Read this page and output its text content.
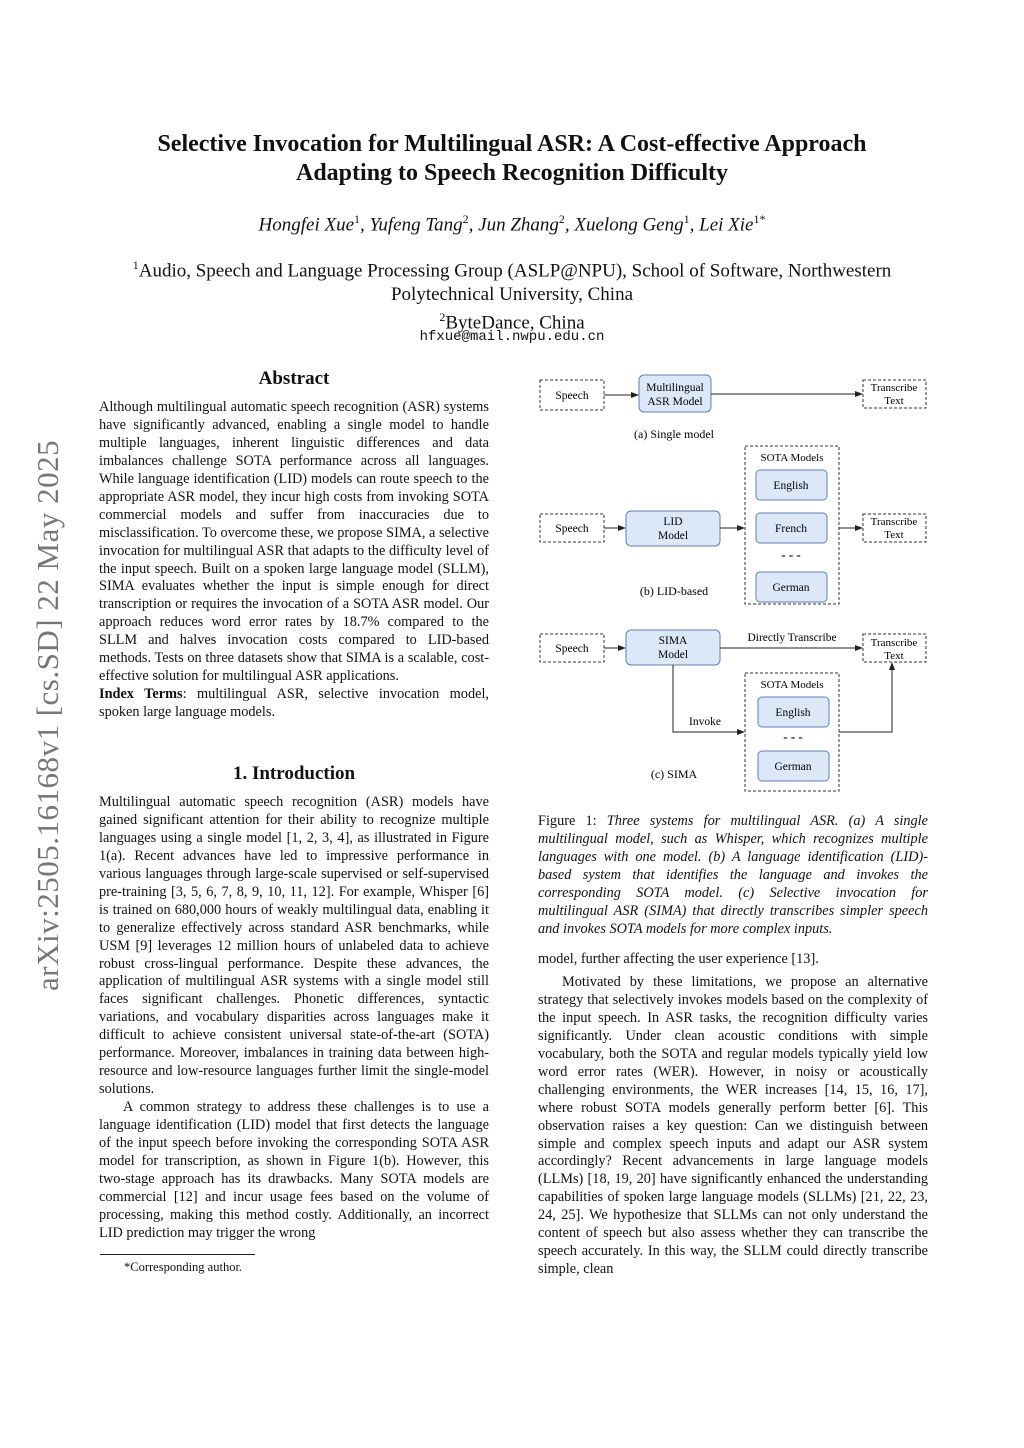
arXiv:2505.16168v1 [cs.SD] 22 May 2025
Selective Invocation for Multilingual ASR: A Cost-effective Approach
Adapting to Speech Recognition Difficulty
Hongfei Xue$^1$, Yufeng Tang$^2$, Jun Zhang$^2$, Xuelong Geng$^1$, Lei Xie$^{1*}$
$^1$Audio, Speech and Language Processing Group (ASLP@NPU), School of Software, Northwestern
Polytechnical University, China
$^2$ByteDance, China
hfxue@mail.nwpu.edu.cn
Abstract

Although multilingual automatic speech recognition (ASR) systems have significantly advanced, enabling a single model to handle multiple languages, inherent linguistic differences and data imbalances challenge SOTA performance across all languages. While language identification (LID) models can route speech to the appropriate ASR model, they incur high costs from invoking SOTA commercial models and suffer from inaccuracies due to misclassification. To overcome these, we propose SIMA, a selective invocation for multilingual ASR that adapts to the difficulty level of the input speech. Built on a spoken large language model (SLLM), SIMA evaluates whether the input is simple enough for direct transcription or requires the invocation of a SOTA ASR model. Our approach reduces word error rates by 18.7% compared to the SLLM and halves invocation costs compared to LID-based methods. Tests on three datasets show that SIMA is a scalable, cost-effective solution for multilingual ASR applications.

Index Terms: multilingual ASR, selective invocation model, spoken large language models.

1. Introduction

Multilingual automatic speech recognition (ASR) models have gained significant attention for their ability to recognize multiple languages using a single model [1, 2, 3, 4], as illustrated in Figure 1(a). Recent advances have led to impressive performance in various languages through large-scale supervised or self-supervised pre-training [3, 5, 6, 7, 8, 9, 10, 11, 12]. For example, Whisper [6] is trained on 680,000 hours of weakly multilingual data, enabling it to generalize effectively across standard ASR benchmarks, while USM [9] leverages 12 million hours of unlabeled data to achieve robust cross-lingual performance. Despite these advances, the application of multilingual ASR systems with a single model still faces significant challenges. Phonetic differences, syntactic variations, and vocabulary disparities across languages make it difficult to achieve consistent universal state-of-the-art (SOTA) performance. Moreover, imbalances in training data between high-resource and low-resource languages further limit the single-model solutions.

A common strategy to address these challenges is to use a language identification (LID) model that first detects the language of the input speech before invoking the corresponding SOTA ASR model for transcription, as shown in Figure 1(b). However, this two-stage approach has its drawbacks. Many SOTA models are commercial [12] and incur usage fees based on the volume of processing, making this method costly. Additionally, an incorrect LID prediction may trigger the wrong

*Corresponding author.
Speech
Multilingual
ASR Model
Transcribe
Text
(a) Single model
SOTA Models
English
French
- - -
German
Speech
LID
Model
Transcribe
Text
(b) LID-based
Speech
SIMA
Model
Directly Transcribe	Transcribe
Text
Invoke
SOTA Models
English
- - -
German
(c) SIMA
Figure 1: Three systems for multilingual ASR. (a) A single multilingual model, such as Whisper, which recognizes multiple languages with one model. (b) A language identification (LID)-based system that identifies the language and invokes the corresponding SOTA model. (c) Selective invocation for multilingual ASR (SIMA) that directly transcribes simpler speech and invokes SOTA models for more complex inputs.

model, further affecting the user experience [13].

Motivated by these limitations, we propose an alternative strategy that selectively invokes models based on the complexity of the input speech. In ASR tasks, the recognition difficulty varies significantly. Under clean acoustic conditions with simple vocabulary, both the SOTA and regular models typically yield low word error rates (WER). However, in noisy or acoustically challenging environments, the WER increases [14, 15, 16, 17], where robust SOTA models generally perform better [6]. This observation raises a key question: Can we distinguish between simple and complex speech inputs and adapt our ASR system accordingly? Recent advancements in large language models (LLMs) [18, 19, 20] have significantly enhanced the understanding capabilities of spoken large language models (SLLMs) [21, 22, 23, 24, 25]. We hypothesize that SLLMs can not only understand the content of speech but also assess whether they can transcribe the speech accurately. In this way, the SLLM could directly transcribe simple, clean
